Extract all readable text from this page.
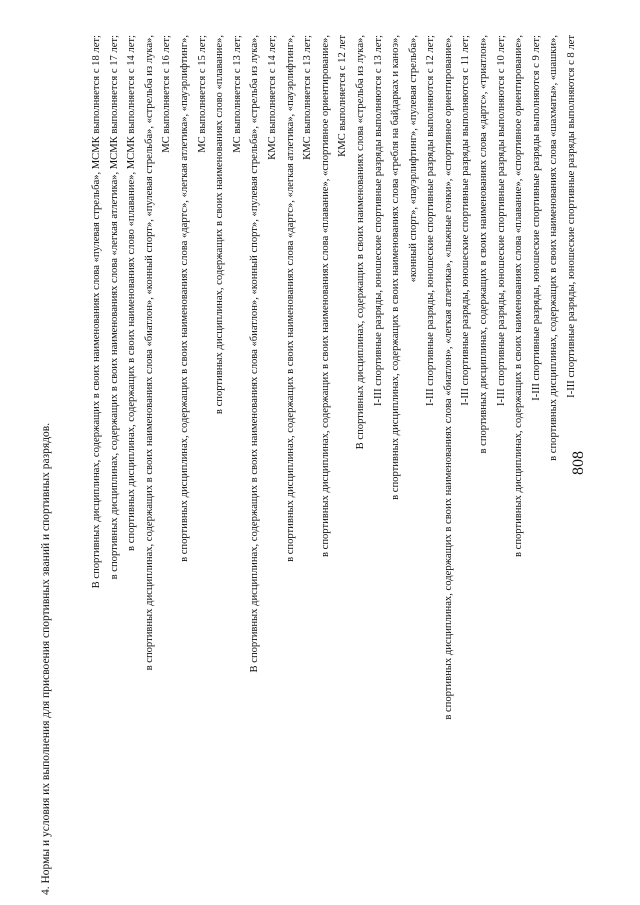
4. Нормы и условия их выполнения для присвоения спортивных званий и спортивных разрядов.	808
В спортивных дисциплинах, содержащих в своих наименованиях слова «пулевая стрельба», МСМК выполняется с 18 лет; в спортивных дисциплинах, содержащих в своих наименованиях слова «легкая атлетика», МСМК выполняется с 17 лет; в спортивных дисциплинах, содержащих в своих наименованиях слово «плавание», МСМК выполняется с 14 лет; в спортивных дисциплинах, содержащих в своих наименованиях слова «биатлон», «конный спорт», «пулевая стрельба», «стрельба из лука», МС выполняется с 16 лет; в спортивных дисциплинах, содержащих в своих наименованиях слова «дартс», «легкая атлетика», «пауэрлифтинг», МС выполняется с 15 лет; в спортивных дисциплинах, содержащих в своих наименованиях слово «плавание», МС выполняется с 13 лет; В спортивных дисциплинах, содержащих в своих наименованиях слова «биатлон», «конный спорт», «пулевая стрельба», «стрельба из лука», КМС выполняется с 14 лет; в спортивных дисциплинах, содержащих в своих наименованиях слова «дартс», «легкая атлетика», «пауэрлифтинг», КМС выполняется с 13 лет; в спортивных дисциплинах, содержащих в своих наименованиях слова «плавание», «спортивное ориентирование», КМС выполняется с 12 лет В спортивных дисциплинах, содержащих в своих наименованиях слова «стрельба из лука», I-III спортивные разряды, юношеские спортивные разряды выполняются с 13 лет; в спортивных дисциплинах, содержащих в своих наименованиях слова «гребля на байдарках и каноэ», «конный спорт», «пауэрлифтинг», «пулевая стрельба», I-III спортивные разряды, юношеские спортивные разряды выполняются с 12 лет; в спортивных дисциплинах, содержащих в своих наименованиях слова «биатлон», «легкая атлетика», «лыжные гонки», «спортивное ориентирование», I-III спортивные разряды, юношеские спортивные разряды выполняются с 11 лет; в спортивных дисциплинах, содержащих в своих наименованиях слова «дартс», «триатлон», I-III спортивные разряды, юношеские спортивные разряды выполняются с 10 лет; в спортивных дисциплинах, содержащих в своих наименованиях слова «плавание», «спортивное ориентирование», I-III спортивные разряды, юношеские спортивные разряды выполняются с 9 лет; в спортивных дисциплинах, содержащих в своих наименованиях слова «шахматы», «шашки», I-III спортивные разряды, юношеские спортивные разряды выполняются с 8 лет
